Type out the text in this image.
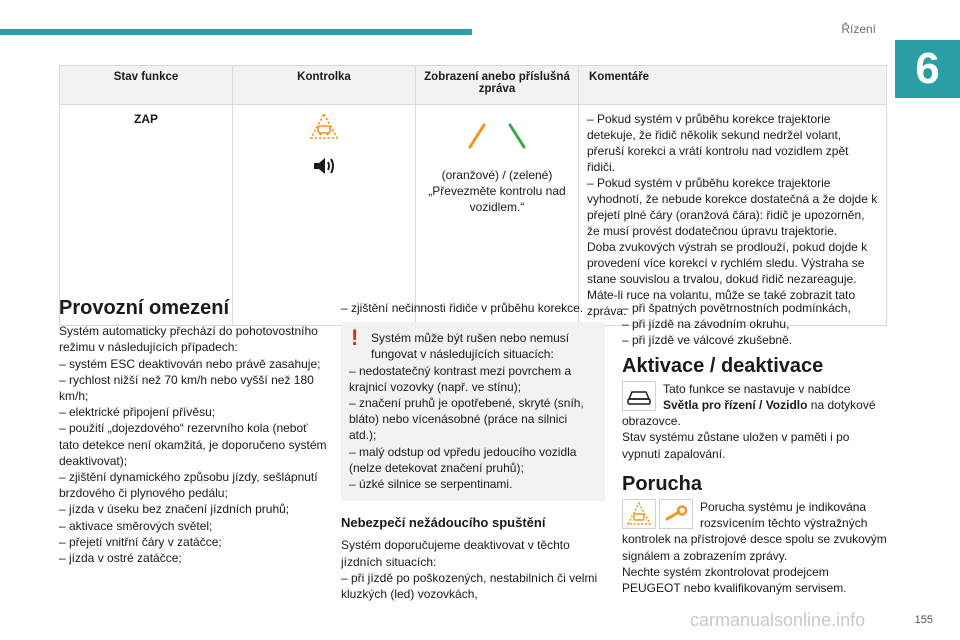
Řízení
6
Stav funkce	Kontrolka	Zobrazení anebo příslušná zpráva	Komentáře
ZAP		(oranžové) / (zelené)
„Převezměte kontrolu nad vozidlem.“	– Pokud systém v průběhu korekce trajektorie detekuje, že řidič několik sekund nedržel volant, přeruší korekci a vrátí kontrolu nad vozidlem zpět řidiči.
– Pokud systém v průběhu korekce trajektorie vyhodnotí, že nebude korekce dostatečná a že dojde k přejetí plné čáry (oranžová čára): řidič je upozorněn, že musí provést dodatečnou úpravu trajektorie.
Doba zvukových výstrah se prodlouží, pokud dojde k provedení více korekcí v rychlém sledu. Výstraha se stane souvislou a trvalou, dokud řidič nezareaguje.
Máte-li ruce na volantu, může se také zobrazit tato zpráva.
Provozní omezení

Systém automaticky přechází do pohotovostního režimu v následujících případech:
– systém ESC deaktivován nebo právě zasahuje;
– rychlost nižší než 70 km/h nebo vyšší než 180 km/h;
– elektrické připojení přívěsu;
– použití „dojezdového“ rezervního kola (neboť tato detekce není okamžitá, je doporučeno systém deaktivovat);
– zjištění dynamického způsobu jízdy, sešlápnutí brzdového či plynového pedálu;
– jízda v úseku bez značení jízdních pruhů;
– aktivace směrových světel;
– přejetí vnitřní čáry v zatáčce;
– jízda v ostré zatáčce;

– zjištění nečinnosti řidiče v průběhu korekce.

!	Systém může být rušen nebo nemusí fungovat v následujících situacích:

– nedostatečný kontrast mezi povrchem a krajnicí vozovky (např. ve stínu);
– značení pruhů je opotřebené, skryté (sníh, bláto) nebo vícenásobné (práce na silnici atd.);
– malý odstup od vpředu jedoucího vozidla (nelze detekovat značení pruhů);
– úzké silnice se serpentinami.

Nebezpečí nežádoucího spuštění

Systém doporučujeme deaktivovat v těchto jízdních situacích:
– při jízdě po poškozených, nestabilních či velmi kluzkých (led) vozovkách,

– při špatných povětrnostních podmínkách,
– při jízdě na závodním okruhu,
– při jízdě ve válcové zkušebně.

Aktivace / deaktivace

Tato funkce se nastavuje v nabídce Světla pro řízení / Vozidlo na dotykové obrazovce.

Stav systému zůstane uložen v paměti i po vypnutí zapalování.

Porucha

Porucha systému je indikována rozsvícením těchto výstražných kontrolek na přístrojové desce spolu se zvukovým signálem a zobrazením zprávy.
Nechte systém zkontrolovat prodejcem PEUGEOT nebo kvalifikovaným servisem.

carmanualsonline.info	155
